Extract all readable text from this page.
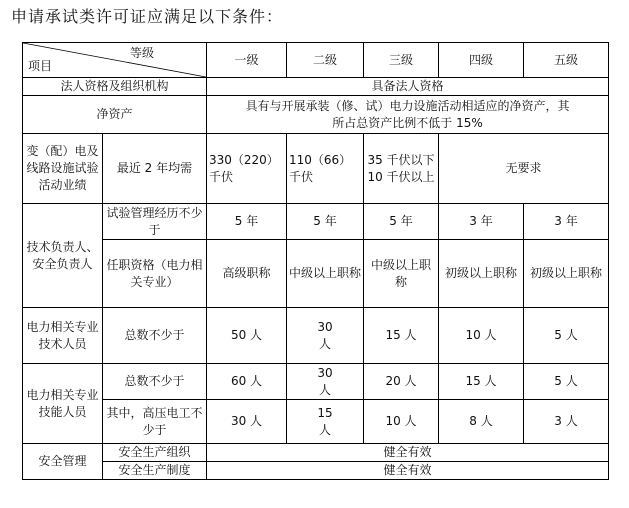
申请承试类许可证应满足以下条件：
等级
项目		一级	二级	三级	四级	五级
法人资格及组织机构		具备法人资格				
净资产		具有与开展承装（修、试）电力设施活动相适应的净资产，其
所占总资产比例不低于 15%				

变（配）电及线路设施试验活动业绩	最近 2 年均需	330（220）千伏	110（66）千伏	35 千伏以下10 千伏以上	无要求	
技术负责人、安全负责人	试验管理经历不少于	5 年	5 年	5 年	3 年	3 年
	任职资格（电力相关专业）	高级职称	中级以上职称	中级以上职称	初级以上职称	初级以上职称
电力相关专业技术人员	总数不少于	50 人	30 人	15 人	10 人	5 人
电力相关专业技能人员	总数不少于	60 人	30 人	20 人	15 人	5 人
	其中，高压电工不少于	30 人	15 人	10 人	8 人	3 人
安全管理	安全生产组织	健全有效				
	安全生产制度	健全有效				
